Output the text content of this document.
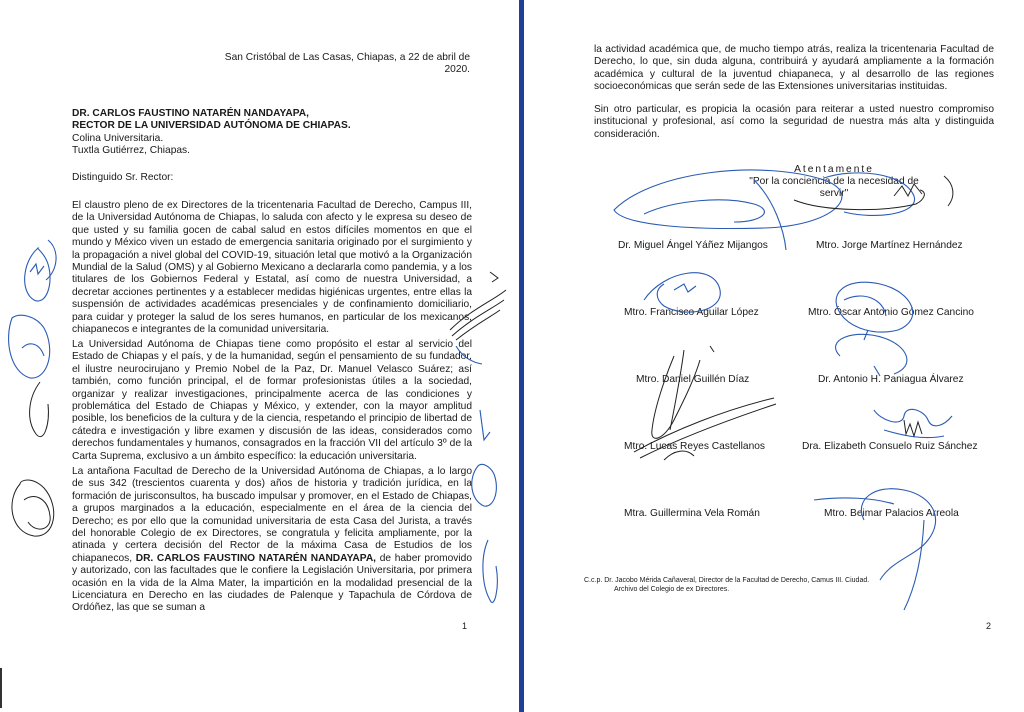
San Cristóbal de Las Casas, Chiapas, a 22 de abril de 2020.
DR. CARLOS FAUSTINO NATARÉN NANDAYAPA,
RECTOR DE LA UNIVERSIDAD AUTÓNOMA DE CHIAPAS.
Colina Universitaria.
Tuxtla Gutiérrez, Chiapas.
Distinguido Sr. Rector:
El claustro pleno de ex Directores de la tricentenaria Facultad de Derecho, Campus III, de la Universidad Autónoma de Chiapas, lo saluda con afecto y le expresa su deseo de que usted y su familia gocen de cabal salud en estos difíciles momentos en que el mundo y México viven un estado de emergencia sanitaria originado por el surgimiento y la propagación a nivel global del COVID-19, situación letal que motivó a la Organización Mundial de la Salud (OMS) y al Gobierno Mexicano a declararla como pandemia, y a los titulares de los Gobiernos Federal y Estatal, así como de nuestra Universidad, a decretar acciones pertinentes y a establecer medidas higiénicas urgentes, entre ellas la suspensión de actividades académicas presenciales y de confinamiento domiciliario, para cuidar y proteger la salud de los seres humanos, en particular de los mexicanos, chiapanecos e integrantes de la comunidad universitaria.
La Universidad Autónoma de Chiapas tiene como propósito el estar al servicio del Estado de Chiapas y el país, y de la humanidad, según el pensamiento de su fundador, el ilustre neurocirujano y Premio Nobel de la Paz, Dr. Manuel Velasco Suárez; así también, como función principal, el de formar profesionistas útiles a la sociedad, organizar y realizar investigaciones, principalmente acerca de las condiciones y problemática del Estado de Chiapas y México, y extender, con la mayor amplitud posible, los beneficios de la cultura y de la ciencia, respetando el principio de libertad de cátedra e investigación y libre examen y discusión de las ideas, considerados como derechos fundamentales y humanos, consagrados en la fracción VII del artículo 3º de la Carta Suprema, exclusivo a un ámbito específico: la educación universitaria.
La antañona Facultad de Derecho de la Universidad Autónoma de Chiapas, a lo largo de sus 342 (trescientos cuarenta y dos) años de historia y tradición jurídica, en la formación de jurisconsultos, ha buscado impulsar y promover, en el Estado de Chiapas, a grupos marginados a la educación, especialmente en el área de la ciencia del Derecho; es por ello que la comunidad universitaria de esta Casa del Jurista, a través del honorable Colegio de ex Directores, se congratula y felicita ampliamente, por la atinada y certera decisión del Rector de la máxima Casa de Estudios de los chiapanecos, DR. CARLOS FAUSTINO NATARÉN NANDAYAPA, de haber promovido y autorizado, con las facultades que le confiere la Legislación Universitaria, por primera ocasión en la vida de la Alma Mater, la impartición en la modalidad presencial de la Licenciatura en Derecho en las ciudades de Palenque y Tapachula de Córdova de Ordóñez, las que se suman a
1
la actividad académica que, de mucho tiempo atrás, realiza la tricentenaria Facultad de Derecho, lo que, sin duda alguna, contribuirá y ayudará ampliamente a la formación académica y cultural de la juventud chiapaneca, y al desarrollo de las regiones socioeconómicas que serán sede de las Extensiones universitarias instituidas.
Sin otro particular, es propicia la ocasión para reiterar a usted nuestro compromiso institucional y profesional, así como la seguridad de nuestra más alta y distinguida consideración.
Atentamente
"Por la conciencia de la necesidad de servir"
Dr. Miguel Ángel Yáñez Mijangos	Mtro. Jorge Martínez Hernández
Mtro. Francisco Aguilar López	Mtro. Óscar Antonio Gómez Cancino
Mtro. Daniel Guillén Díaz	Dr. Antonio H. Paniagua Álvarez
Mtro. Lucas Reyes Castellanos	Dra. Elizabeth Consuelo Ruiz Sánchez
Mtra. Guillermina Vela Román	Mtro. Beimar Palacios Arreola
C.c.p. Dr. Jacobo Mérida Cañaveral, Director de la Facultad de Derecho, Camus III. Ciudad.
Archivo del Colegio de ex Directores.
2
